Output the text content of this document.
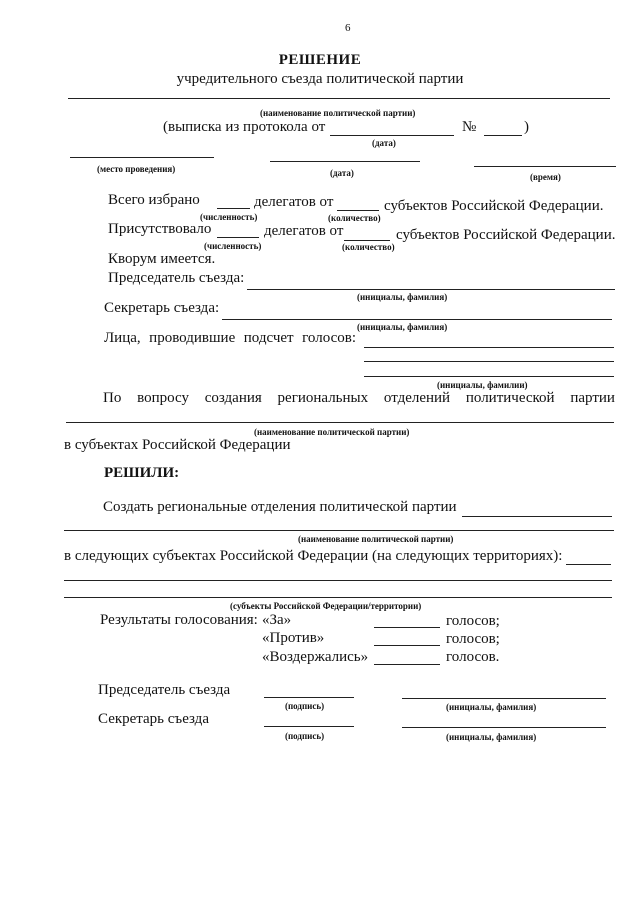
6
РЕШЕНИЕ
учредительного съезда политической партии
(наименование политической партии)
(выписка из протокола от	№	)
(дата)
(место проведения)	(дата)	(время)
Всего избрано	делегатов от	субъектов Российской Федерации.
(численность)	(количество)
Присутствовало	делегатов от	субъектов Российской Федерации.
(численность)	(количество)
Кворум имеется.
Председатель съезда:
(инициалы, фамилия)
Секретарь съезда:
(инициалы, фамилия)
Лица, проводившие подсчет голосов:
(инициалы, фамилии)
По вопросу создания региональных отделений политической партии
(наименование политической партии)
в субъектах Российской Федерации
РЕШИЛИ:
Создать региональные отделения политической партии
(наименование политической партии)
в следующих субъектах Российской Федерации (на следующих территориях):
(субъекты Российской Федерации/территории)
Результаты голосования: «За»	голосов;
«Против»	голосов;
«Воздержались»	голосов.
Председатель съезда
(подпись)	(инициалы, фамилия)
Секретарь съезда
(подпись)	(инициалы, фамилия)
